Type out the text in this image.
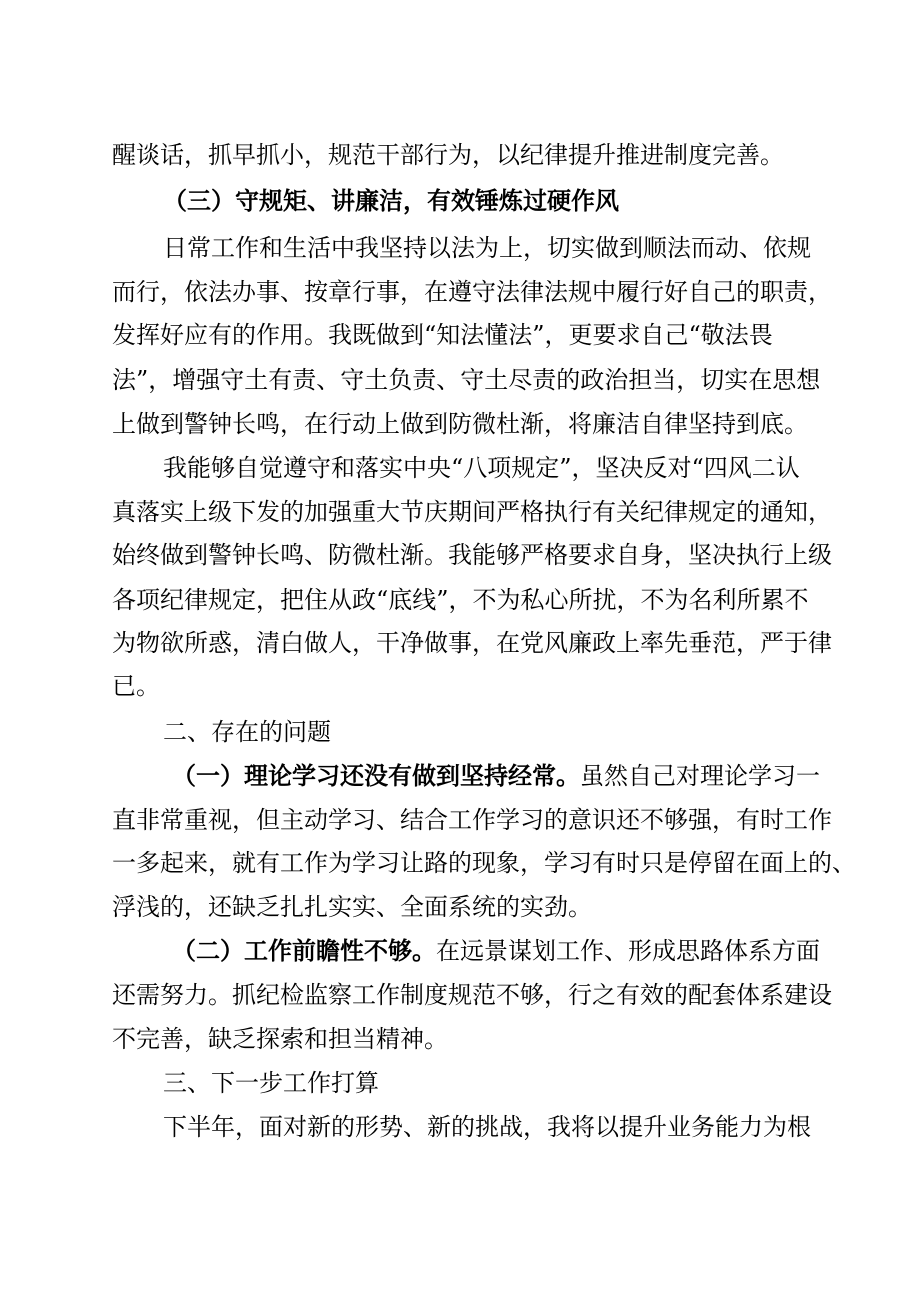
醒谈话，抓早抓小，规范干部行为，以纪律提升推进制度完善。
（三）守规矩、讲廉洁，有效锤炼过硬作风
日常工作和生活中我坚持以法为上，切实做到顺法而动、依规
而行，依法办事、按章行事，在遵守法律法规中履行好自己的职责，
发挥好应有的作用。我既做到“知法懂法”，更要求自己“敬法畏
法”，增强守土有责、守土负责、守土尽责的政治担当，切实在思想
上做到警钟长鸣，在行动上做到防微杜渐，将廉洁自律坚持到底。
我能够自觉遵守和落实中央“八项规定”，坚决反对“四风二认
真落实上级下发的加强重大节庆期间严格执行有关纪律规定的通知，
始终做到警钟长鸣、防微杜渐。我能够严格要求自身，坚决执行上级
各项纪律规定，把住从政“底线”，不为私心所扰，不为名利所累不
为物欲所惑，清白做人，干净做事，在党风廉政上率先垂范，严于律
已。
二、存在的问题
（一）理论学习还没有做到坚持经常。虽然自己对理论学习一
直非常重视，但主动学习、结合工作学习的意识还不够强，有时工作
一多起来，就有工作为学习让路的现象，学习有时只是停留在面上的、
浮浅的，还缺乏扎扎实实、全面系统的实劲。
（二）工作前瞻性不够。在远景谋划工作、形成思路体系方面
还需努力。抓纪检监察工作制度规范不够，行之有效的配套体系建设
不完善，缺乏探索和担当精神。
三、下一步工作打算
下半年，面对新的形势、新的挑战，我将以提升业务能力为根
